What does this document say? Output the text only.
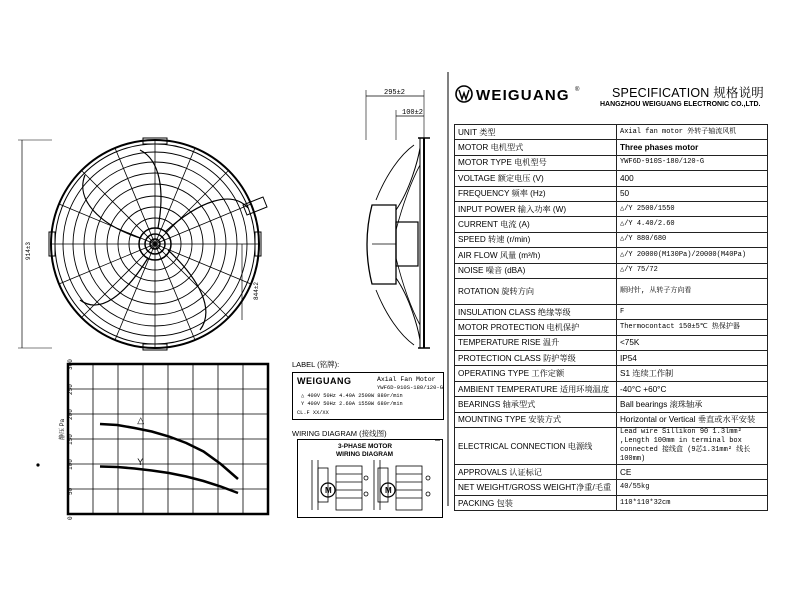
914±3
844±2
295±2
100±2
300
250
200
150
100
50
0
△
Y
静压 Pa
M	M
LABEL (铭牌):
WEIGUANG	Axial Fan Motor
YWF6D-910S-180/120-G
△ 400V 50Hz 4.40A 2500W 880r/min
Y 400V 50Hz 2.60A 1550W 680r/min
CL.F XX/XX
WIRING DIAGRAM (接线图)
3-PHASE MOTOR
WIRING DIAGRAM
WEIGUANG ®	SPECIFICATION 规格说明
HANGZHOU WEIGUANG ELECTRONIC CO.,LTD.
UNIT 类型	Axial fan motor 外转子轴流风机
MOTOR 电机型式	Three phases motor
MOTOR TYPE 电机型号	YWF6D-910S-180/120-G
VOLTAGE 额定电压 (V)	400
FREQUENCY 频率 (Hz)	50
INPUT POWER 输入功率 (W)	△/Y 2500/1550
CURRENT 电流 (A)	△/Y 4.40/2.60
SPEED 转速 (r/min)	△/Y 880/680
AIR FLOW 风量 (m³/h)	△/Y 20000(M130Pa)/20000(M40Pa)
NOISE 噪音 (dBA)	△/Y 75/72
ROTATION 旋转方向	顺时针, 从转子方向看
INSULATION CLASS 绝缘等级	F
MOTOR PROTECTION 电机保护	Thermocontact 150±5℃ 热保护器
TEMPERATURE RISE 温升	<75K
PROTECTION CLASS 防护等级	IP54
OPERATING TYPE 工作定额	S1 连续工作制
AMBIENT TEMPERATURE 适用环境温度	-40°C +60°C
BEARINGS 轴承型式	Ball bearings 滚珠轴承
MOUNTING TYPE 安装方式	Horizontal or Vertical 垂直或水平安装
ELECTRICAL CONNECTION 电源线	Lead wire Sillikon 90 1.3lmm² ,Length 100mm in terminal box connected 接线盒 (9芯1.31mm² 线长100mm)
APPROVALS 认证标记	CE
NET WEIGHT/GROSS WEIGHT净重/毛重	40/55kg
PACKING 包装	110*110*32cm
